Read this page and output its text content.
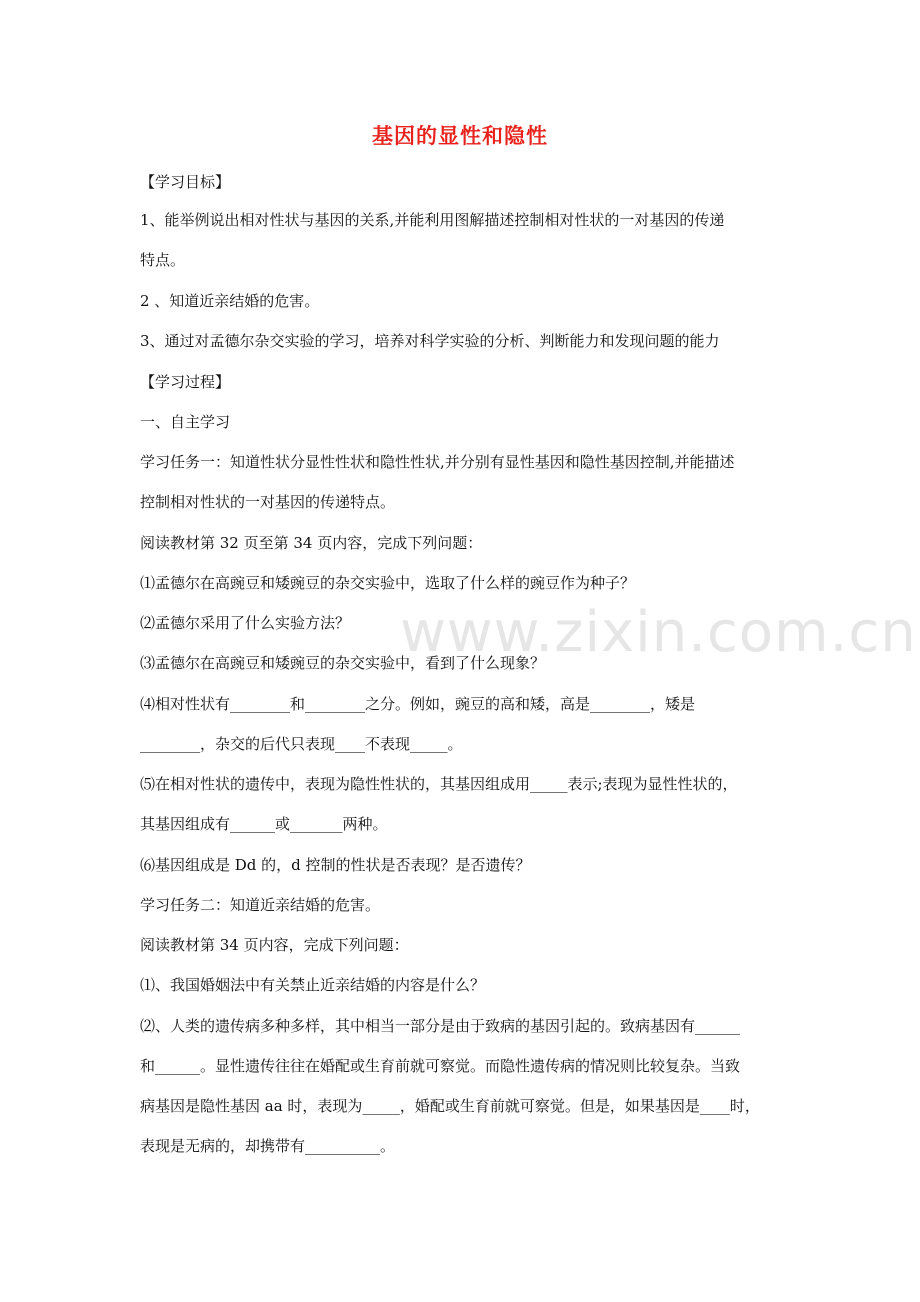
www.zixin.com.cn
基因的显性和隐性
【学习目标】
1、能举例说出相对性状与基因的关系,并能利用图解描述控制相对性状的一对基因的传递
特点。
2 、知道近亲结婚的危害。
3、通过对孟德尔杂交实验的学习，培养对科学实验的分析、判断能力和发现问题的能力
【学习过程】
一、自主学习
学习任务一：知道性状分显性性状和隐性性状,并分别有显性基因和隐性基因控制,并能描述
控制相对性状的一对基因的传递特点。
阅读教材第 32 页至第 34 页内容，完成下列问题：
⑴孟德尔在高豌豆和矮豌豆的杂交实验中，选取了什么样的豌豆作为种子？
⑵孟德尔采用了什么实验方法？
⑶孟德尔在高豌豆和矮豌豆的杂交实验中，看到了什么现象？
⑷相对性状有________和________之分。例如，豌豆的高和矮，高是________，矮是
________，杂交的后代只表现____不表现_____。
⑸在相对性状的遗传中，表现为隐性性状的，其基因组成用_____表示;表现为显性性状的，
其基因组成有______或_______两种。
⑹基因组成是 Dd 的，d 控制的性状是否表现？是否遗传？
学习任务二：知道近亲结婚的危害。
阅读教材第 34 页内容，完成下列问题：
⑴、我国婚姻法中有关禁止近亲结婚的内容是什么？
⑵、人类的遗传病多种多样，其中相当一部分是由于致病的基因引起的。致病基因有______
和______。显性遗传往往在婚配或生育前就可察觉。而隐性遗传病的情况则比较复杂。当致
病基因是隐性基因 aa 时，表现为_____，婚配或生育前就可察觉。但是，如果基因是____时，
表现是无病的，却携带有__________。
